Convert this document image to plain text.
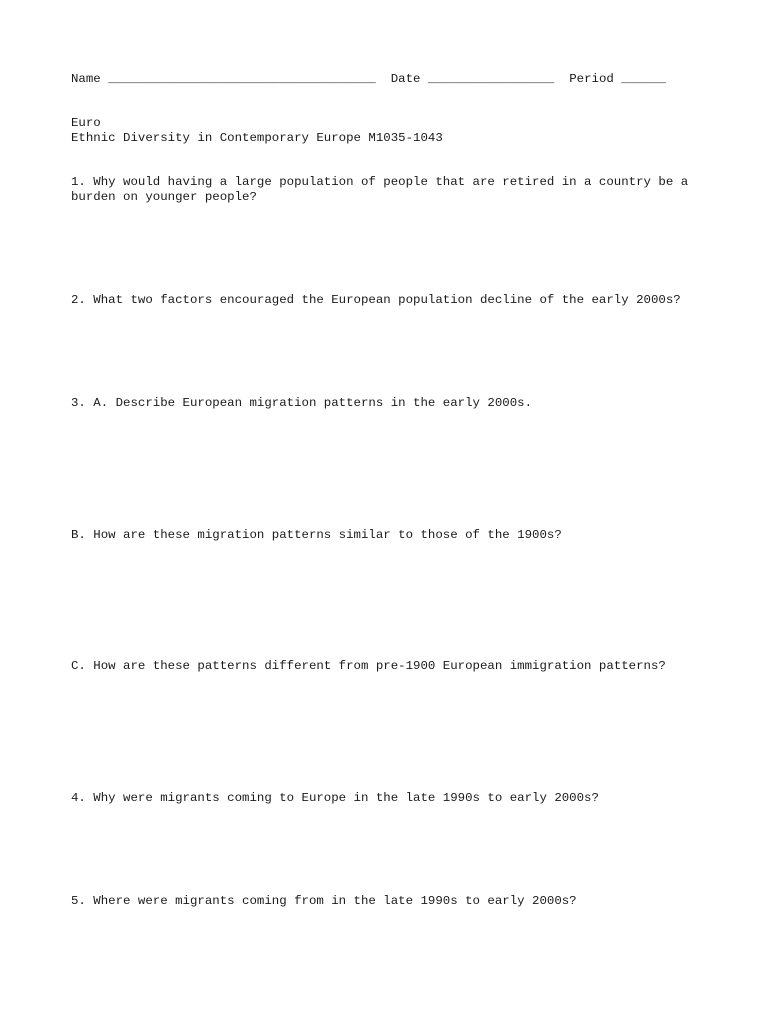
Name ____________________________________ Date _________________ Period ______
Euro
Ethnic Diversity in Contemporary Europe M1035-1043
1. Why would having a large population of people that are retired in a country be a burden on younger people?
2. What two factors encouraged the European population decline of the early 2000s?
3. A. Describe European migration patterns in the early 2000s.
B. How are these migration patterns similar to those of the 1900s?
C. How are these patterns different from pre-1900 European immigration patterns?
4. Why were migrants coming to Europe in the late 1990s to early 2000s?
5. Where were migrants coming from in the late 1990s to early 2000s?
